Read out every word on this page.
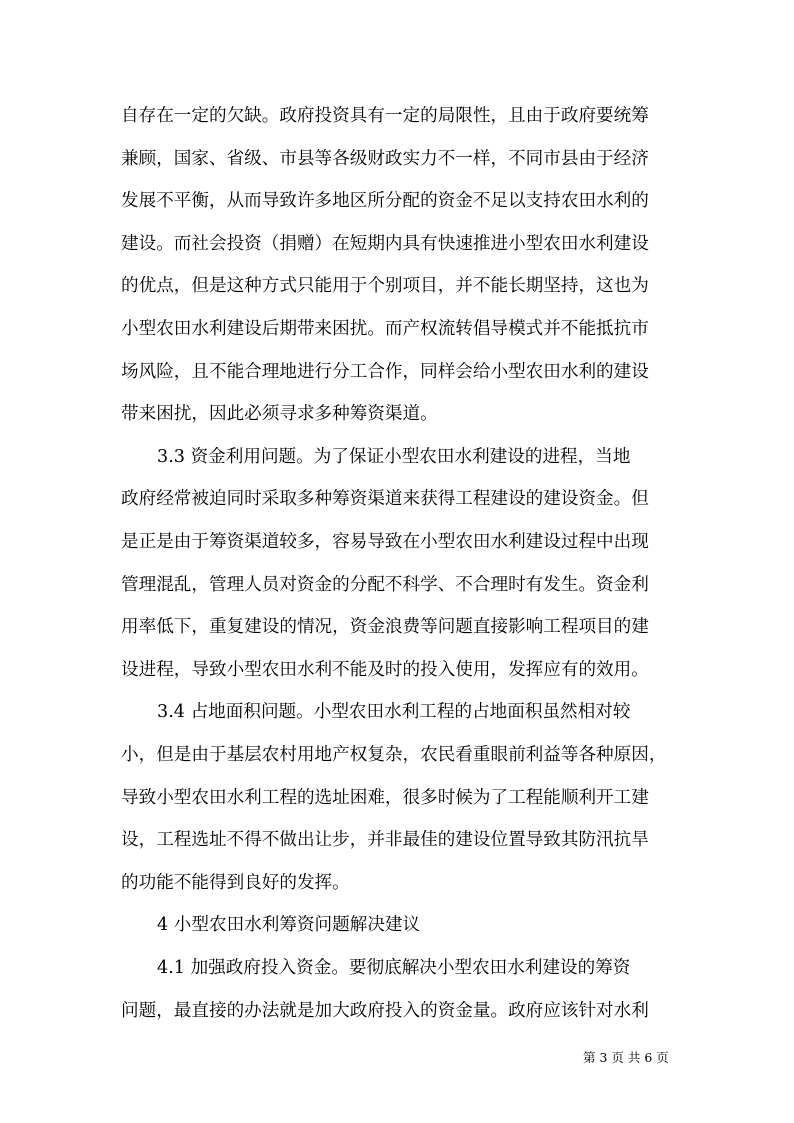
自存在一定的欠缺。政府投资具有一定的局限性，且由于政府要统筹
兼顾，国家、省级、市县等各级财政实力不一样，不同市县由于经济
发展不平衡，从而导致许多地区所分配的资金不足以支持农田水利的
建设。而社会投资（捐赠）在短期内具有快速推进小型农田水利建设
的优点，但是这种方式只能用于个别项目，并不能长期坚持，这也为
小型农田水利建设后期带来困扰。而产权流转倡导模式并不能抵抗市
场风险，且不能合理地进行分工合作，同样会给小型农田水利的建设
带来困扰，因此必须寻求多种筹资渠道。
3.3 资金利用问题。为了保证小型农田水利建设的进程，当地
政府经常被迫同时采取多种筹资渠道来获得工程建设的建设资金。但
是正是由于筹资渠道较多，容易导致在小型农田水利建设过程中出现
管理混乱，管理人员对资金的分配不科学、不合理时有发生。资金利
用率低下，重复建设的情况，资金浪费等问题直接影响工程项目的建
设进程，导致小型农田水利不能及时的投入使用，发挥应有的效用。
3.4 占地面积问题。小型农田水利工程的占地面积虽然相对较
小，但是由于基层农村用地产权复杂，农民看重眼前利益等各种原因，
导致小型农田水利工程的选址困难，很多时候为了工程能顺利开工建
设，工程选址不得不做出让步，并非最佳的建设位置导致其防汛抗旱
的功能不能得到良好的发挥。
4 小型农田水利筹资问题解决建议
4.1 加强政府投入资金。要彻底解决小型农田水利建设的筹资
问题，最直接的办法就是加大政府投入的资金量。政府应该针对水利
第 3 页 共 6 页
